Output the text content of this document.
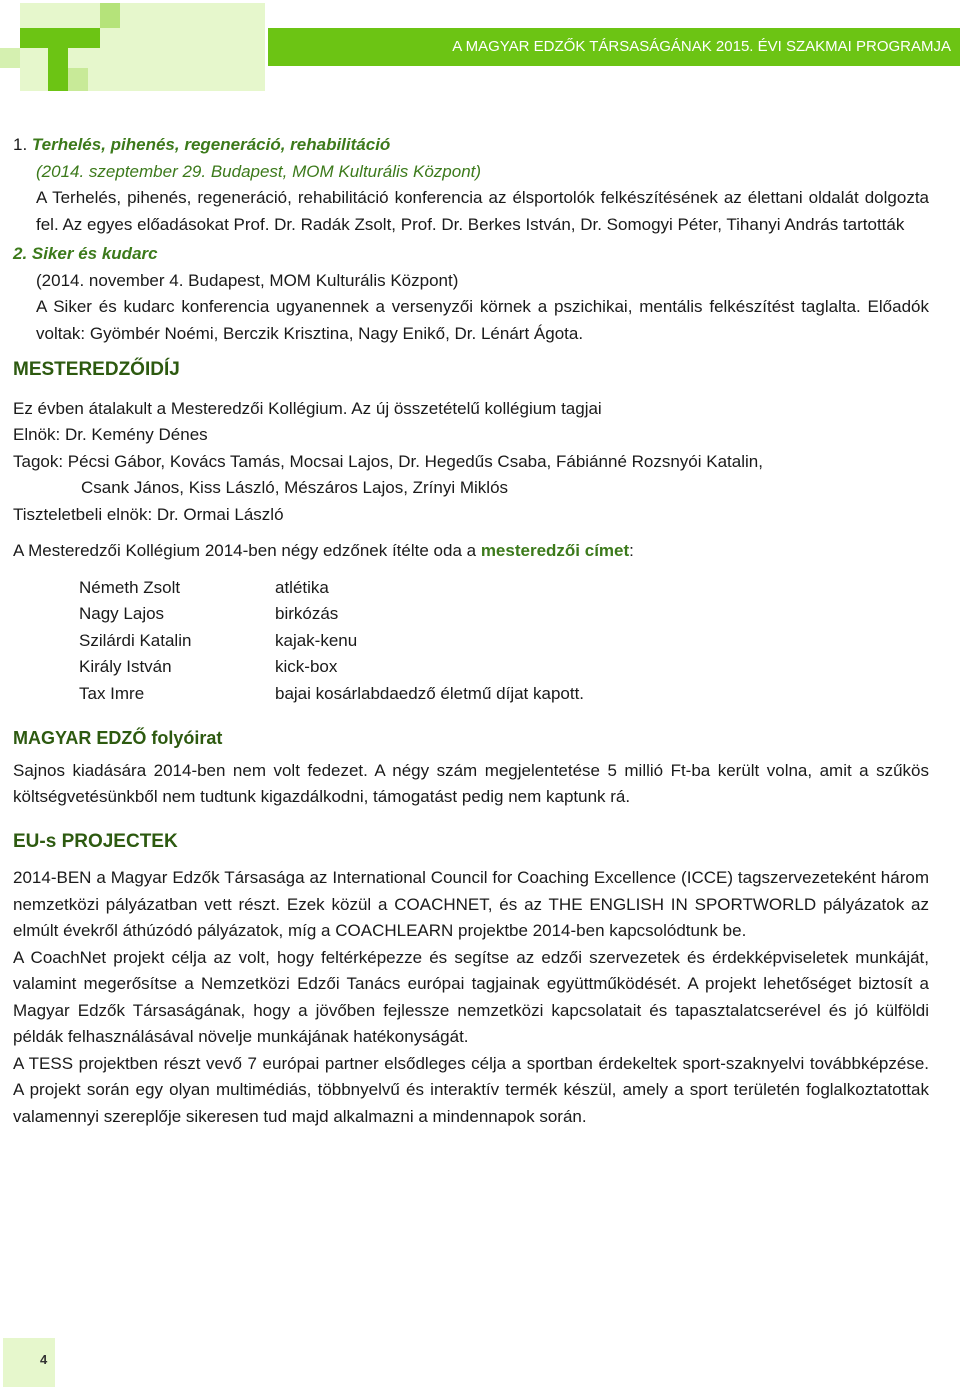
A MAGYAR EDZŐK TÁRSASÁGÁNAK 2015. ÉVI SZAKMAI PROGRAMJA

1. Terhelés, pihenés, regeneráció, rehabilitáció

(2014. szeptember 29. Budapest, MOM Kulturális Központ)

A Terhelés, pihenés, regeneráció, rehabilitáció konferencia az élsportolók felkészítésének az élettani oldalát dolgozta fel. Az egyes előadásokat Prof. Dr. Radák Zsolt, Prof. Dr. Berkes István, Dr. Somogyi Péter, Tihanyi András tartották

2. Siker és kudarc

(2014. november 4. Budapest, MOM Kulturális Központ)

A Siker és kudarc konferencia ugyanennek a versenyzői körnek a pszichikai, mentális felkészítést taglalta. Előadók voltak: Gyömbér Noémi, Berczik Krisztina, Nagy Enikő, Dr. Lénárt Ágota.

MESTEREDZŐIDÍJ

Ez évben átalakult a Mesteredzői Kollégium. Az új összetételű kollégium tagjai

Elnök: Dr. Kemény Dénes

Tagok: Pécsi Gábor, Kovács Tamás, Mocsai Lajos, Dr. Hegedűs Csaba, Fábiánné Rozsnyói Katalin,

Csank János, Kiss László, Mészáros Lajos, Zrínyi Miklós

Tiszteletbeli elnök: Dr. Ormai László

A Mesteredzői Kollégium 2014-ben négy edzőnek ítélte oda a mesteredzői címet:

Németh Zsolt	atlétika
Nagy Lajos	birkózás
Szilárdi Katalin	kajak-kenu
Király István	kick-box
Tax Imre	bajai kosárlabdaedző életmű díjat kapott.

MAGYAR EDZŐ folyóirat

Sajnos kiadására 2014-ben nem volt fedezet. A négy szám megjelentetése 5 millió Ft-ba került volna, amit a szűkös költségvetésünkből nem tudtunk kigazdálkodni, támogatást pedig nem kaptunk rá.

EU-s PROJECTEK

2014-BEN a Magyar Edzők Társasága az International Council for Coaching Excellence (ICCE) tagszervezeteként három nemzetközi pályázatban vett részt. Ezek közül a COACHNET, és az THE ENGLISH IN SPORTWORLD pályázatok az elmúlt évekről áthúzódó pályázatok, míg a COACHLEARN projektbe 2014-ben kapcsolódtunk be.

A CoachNet projekt célja az volt, hogy feltérképezze és segítse az edzői szervezetek és érdekképviseletek munkáját, valamint megerősítse a Nemzetközi Edzői Tanács európai tagjainak együttműködését. A projekt lehetőséget biztosít a Magyar Edzők Társaságának, hogy a jövőben fejlessze nemzetközi kapcsolatait és tapasztalatcserével és jó külföldi példák felhasználásával növelje munkájának hatékonyságát.

A TESS projektben részt vevő 7 európai partner elsődleges célja a sportban érdekeltek sport-szaknyelvi továbbképzése. A projekt során egy olyan multimédiás, többnyelvű és interaktív termék készül, amely a sport területén foglalkoztatottak valamennyi szereplője sikeresen tud majd alkalmazni a mindennapok során.

4
